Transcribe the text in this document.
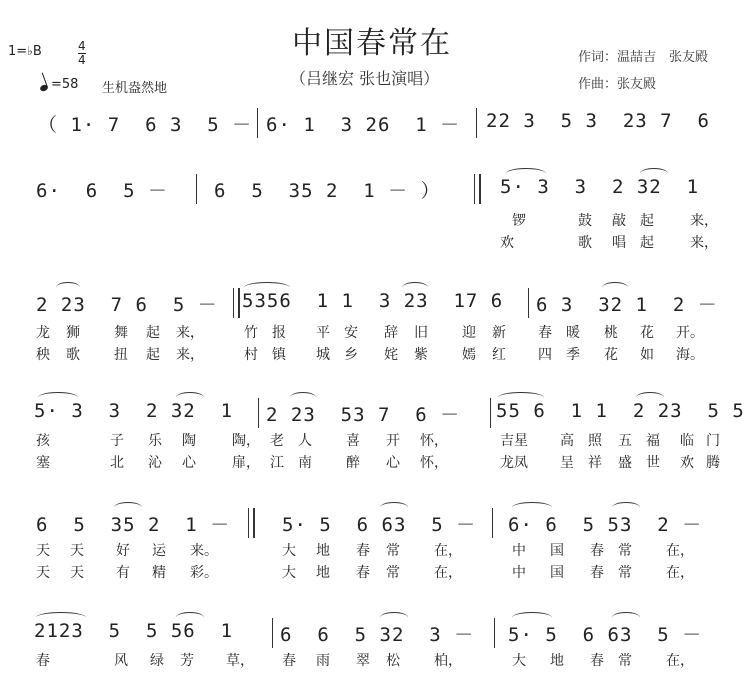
中国春常在
（吕继宏 张也演唱）
作词：温喆吉　张友殿
作曲：张友殿
1=♭B	4
4
=58 生机盎然地
（ 1· 7  6 3  5 － 6· 1  3 26  1 － 22 3  5 3  23 7  6
6·  6  5 － 6  5  35 2  1 － ）	5· 3  3  2 32  1
锣	鼓 敲 起	来，
欢	歌 唱 起	来，
2 23  7 6  5 － 5356  1 1  3 23  17 6 6 3  32 1  2 －
龙 狮 舞 起 来，	竹 报 平 安 辞 旧 迎 新 春 暖 桃 花 开。
秧 歌 扭 起 来，	村 镇 城 乡 姹 紫 嫣 红 四 季 花 如 海。
5· 3  3  2 32  1 2 23  53 7  6 － 55 6  1 1  2 23  5 5
孩	子 乐 陶	陶， 老 人 喜 开 怀，	吉星 高 照 五 福 临 门
塞	北 沁 心	扉， 江 南 醉 心 怀，	龙凤 呈 祥 盛 世 欢 腾
6  5  35 2  1 －	5· 5  6 63  5 － 6· 6  5 53  2 －
天 天 好 运 来。	大 地 春 常 在，	中 国 春 常 在，
天 天 有 精 彩。	大 地 春 常 在，	中 国 春 常 在，
2123  5  5 56  1 6  6  5 32  3 － 5· 5  6 63  5 －
春	风 绿 芳 草， 春 雨 翠 松 柏，	大 地 春 常 在，
